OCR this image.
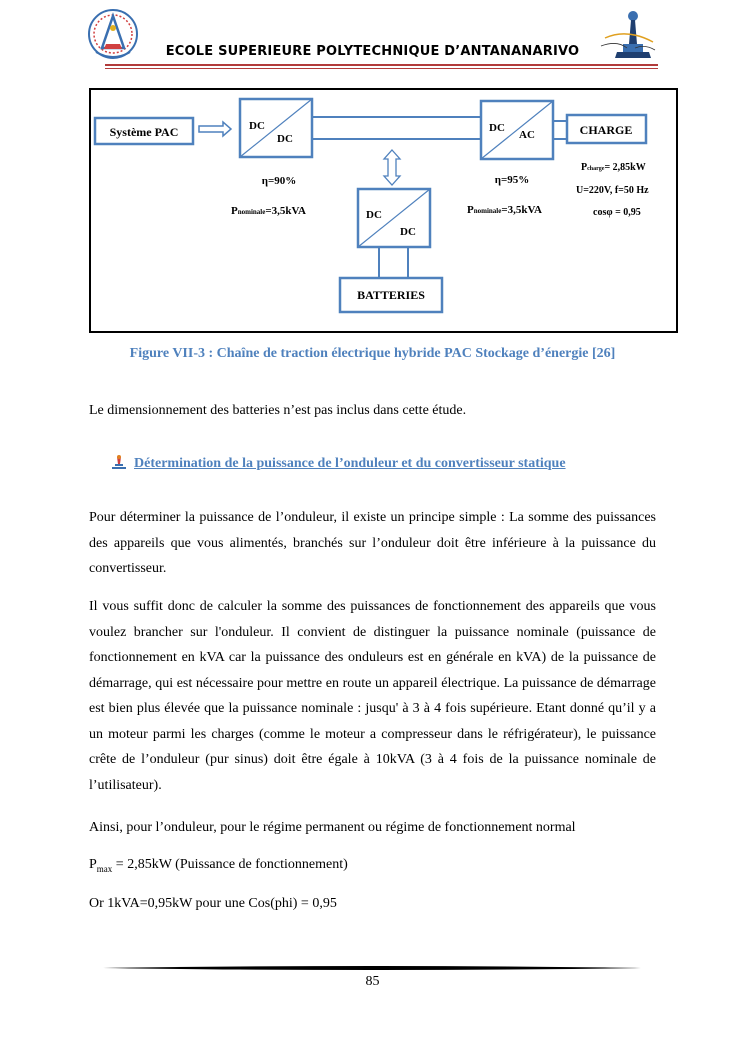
ECOLE SUPERIEURE POLYTECHNIQUE D’ANTANANARIVO
Système PAC	DC
DC
DC
AC	CHARGE
DC
DC
BATTERIES
η=90%
Pnominale=3,5kVA
η=95%
Pnominale=3,5kVA
Pcharge= 2,85kW
U=220V, f=50 Hz
cosφ = 0,95
Figure VII-3 : Chaîne de traction électrique hybride PAC Stockage d’énergie [26]
Le dimensionnement des batteries n’est pas inclus dans cette étude.
Détermination de la puissance de l’onduleur et du convertisseur statique
Pour déterminer la puissance de l’onduleur, il existe un principe simple : La somme des puissances des appareils que vous alimentés, branchés sur l’onduleur doit être inférieure à la puissance du convertisseur.
Il vous suffit donc de calculer la somme des puissances de fonctionnement des appareils que vous voulez brancher sur l'onduleur. Il convient de distinguer la puissance nominale (puissance de fonctionnement en kVA car la puissance des onduleurs est en générale en kVA) de la puissance de démarrage, qui est nécessaire pour mettre en route un appareil électrique. La puissance de démarrage est bien plus élevée que la puissance nominale : jusqu' à 3 à 4 fois supérieure. Etant donné qu’il y a un moteur parmi les charges (comme le moteur a compresseur dans le réfrigérateur), le puissance crête de l’onduleur (pur sinus) doit être égale à 10kVA (3 à 4 fois de la puissance nominale de l’utilisateur).
Ainsi, pour l’onduleur, pour le régime permanent ou régime de fonctionnement normal
$P_{max} = 2,85kW$ (Puissance de fonctionnement)
Or 1kVA=0,95kW pour une Cos(phi) = 0,95
85
